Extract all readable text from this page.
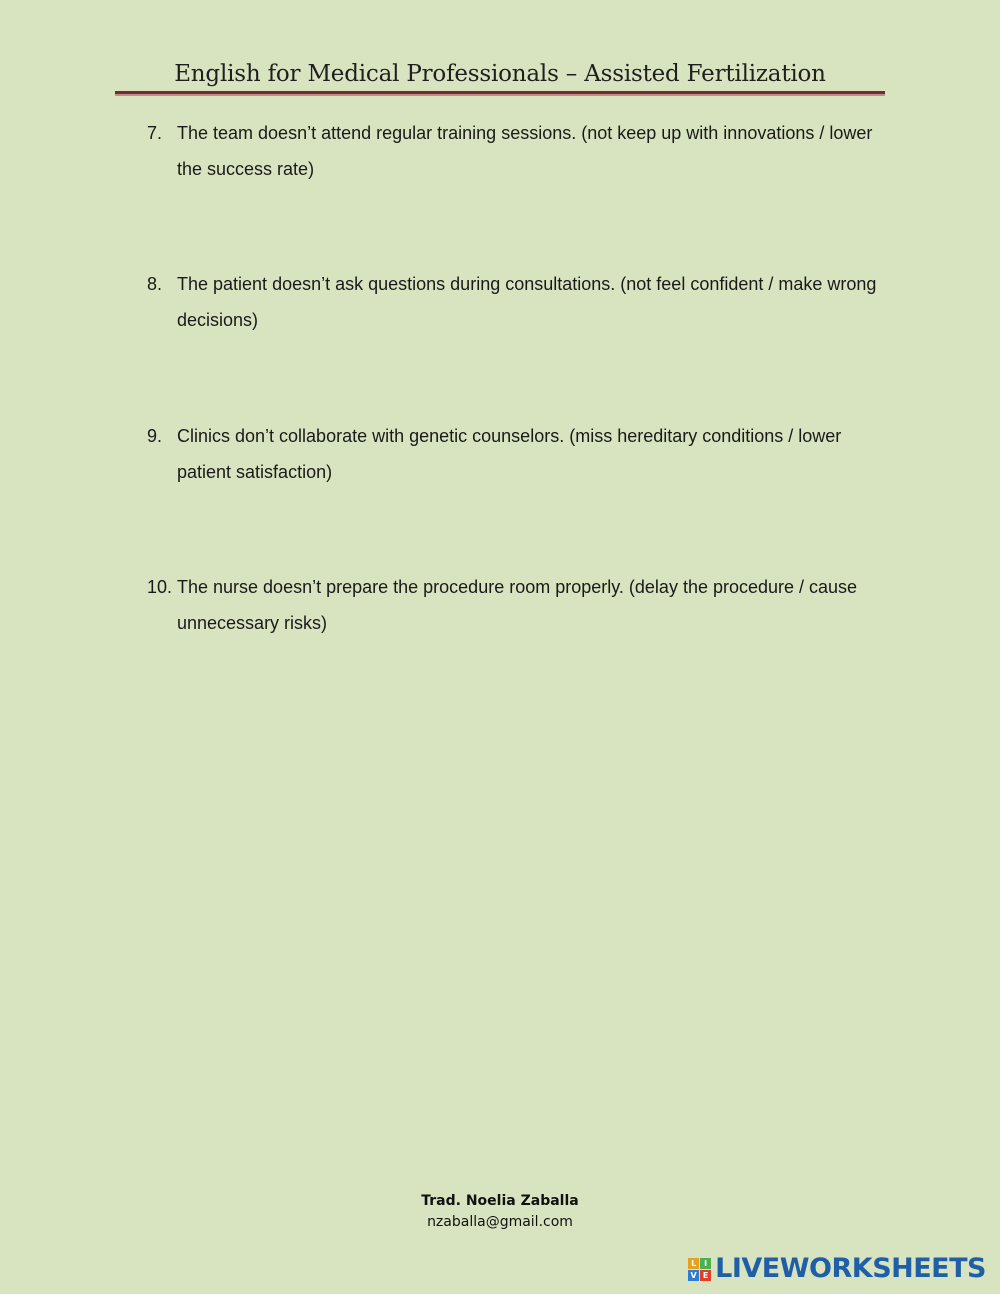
English for Medical Professionals – Assisted Fertilization
7. The team doesn’t attend regular training sessions. (not keep up with innovations / lower the success rate)
8. The patient doesn’t ask questions during consultations. (not feel confident / make wrong decisions)
9. Clinics don’t collaborate with genetic counselors. (miss hereditary conditions / lower patient satisfaction)
10. The nurse doesn’t prepare the procedure room properly. (delay the procedure / cause unnecessary risks)
Trad. Noelia Zaballa
nzaballa@gmail.com
L I
V E LIVEWORKSHEETS
